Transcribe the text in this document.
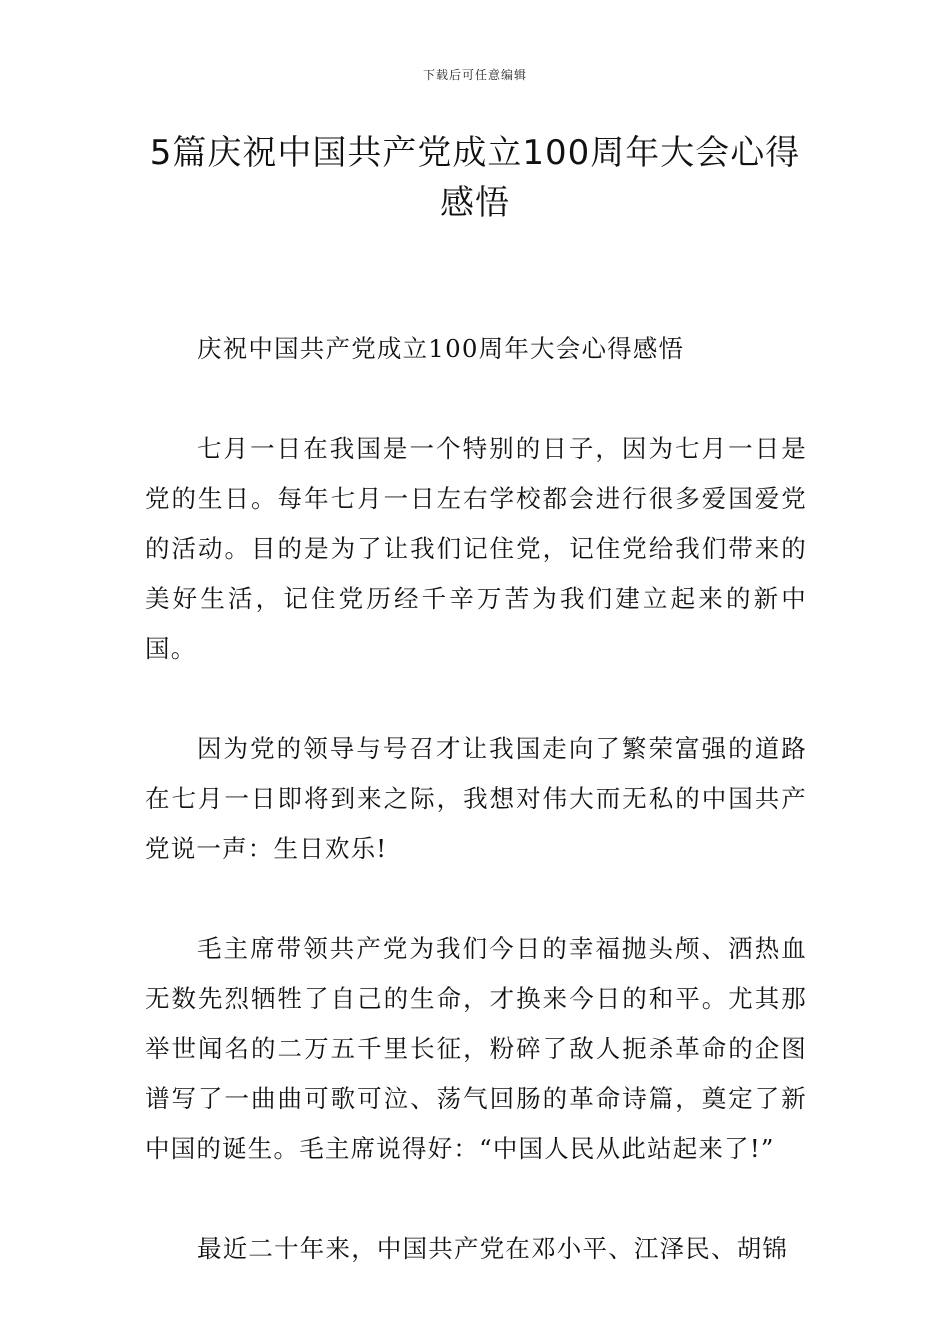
下载后可任意编辑
5篇庆祝中国共产党成立100周年大会心得感悟

庆祝中国共产党成立100周年大会心得感悟

七月一日在我国是一个特别的日子，因为七月一日是党的生日。每年七月一日左右学校都会进行很多爱国爱党的活动。目的是为了让我们记住党，记住党给我们带来的美好生活，记住党历经千辛万苦为我们建立起来的新中国。

因为党的领导与号召才让我国走向了繁荣富强的道路在七月一日即将到来之际，我想对伟大而无私的中国共产党说一声：生日欢乐!

毛主席带领共产党为我们今日的幸福抛头颅、洒热血无数先烈牺牲了自己的生命，才换来今日的和平。尤其那举世闻名的二万五千里长征，粉碎了敌人扼杀革命的企图谱写了一曲曲可歌可泣、荡气回肠的革命诗篇，奠定了新中国的诞生。毛主席说得好：“中国人民从此站起来了!”

最近二十年来，中国共产党在邓小平、江泽民、胡锦
